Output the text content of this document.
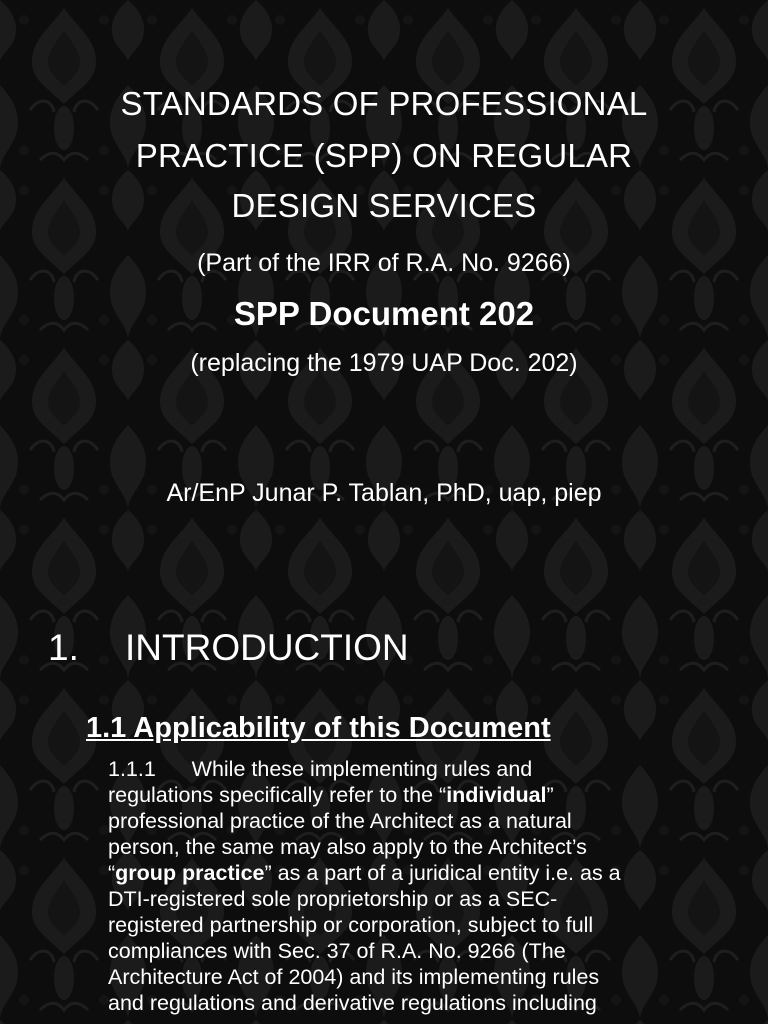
STANDARDS OF PROFESSIONAL
PRACTICE (SPP) ON REGULAR
DESIGN SERVICES
(Part of the IRR of R.A. No. 9266)
SPP Document 202
(replacing the 1979 UAP Doc. 202)
Ar/EnP Junar P. Tablan, PhD, uap, piep
1. INTRODUCTION
1.1 Applicability of this Document
1.1.1      While these implementing rules and
regulations specifically refer to the “individual”
professional practice of the Architect as a natural
person, the same may also apply to the Architect’s
“group practice” as a part of a juridical entity i.e. as a
DTI-registered sole proprietorship or as a SEC-
registered partnership or corporation, subject to full
compliances with Sec. 37 of R.A. No. 9266 (The
Architecture Act of 2004) and its implementing rules
and regulations and derivative regulations including
